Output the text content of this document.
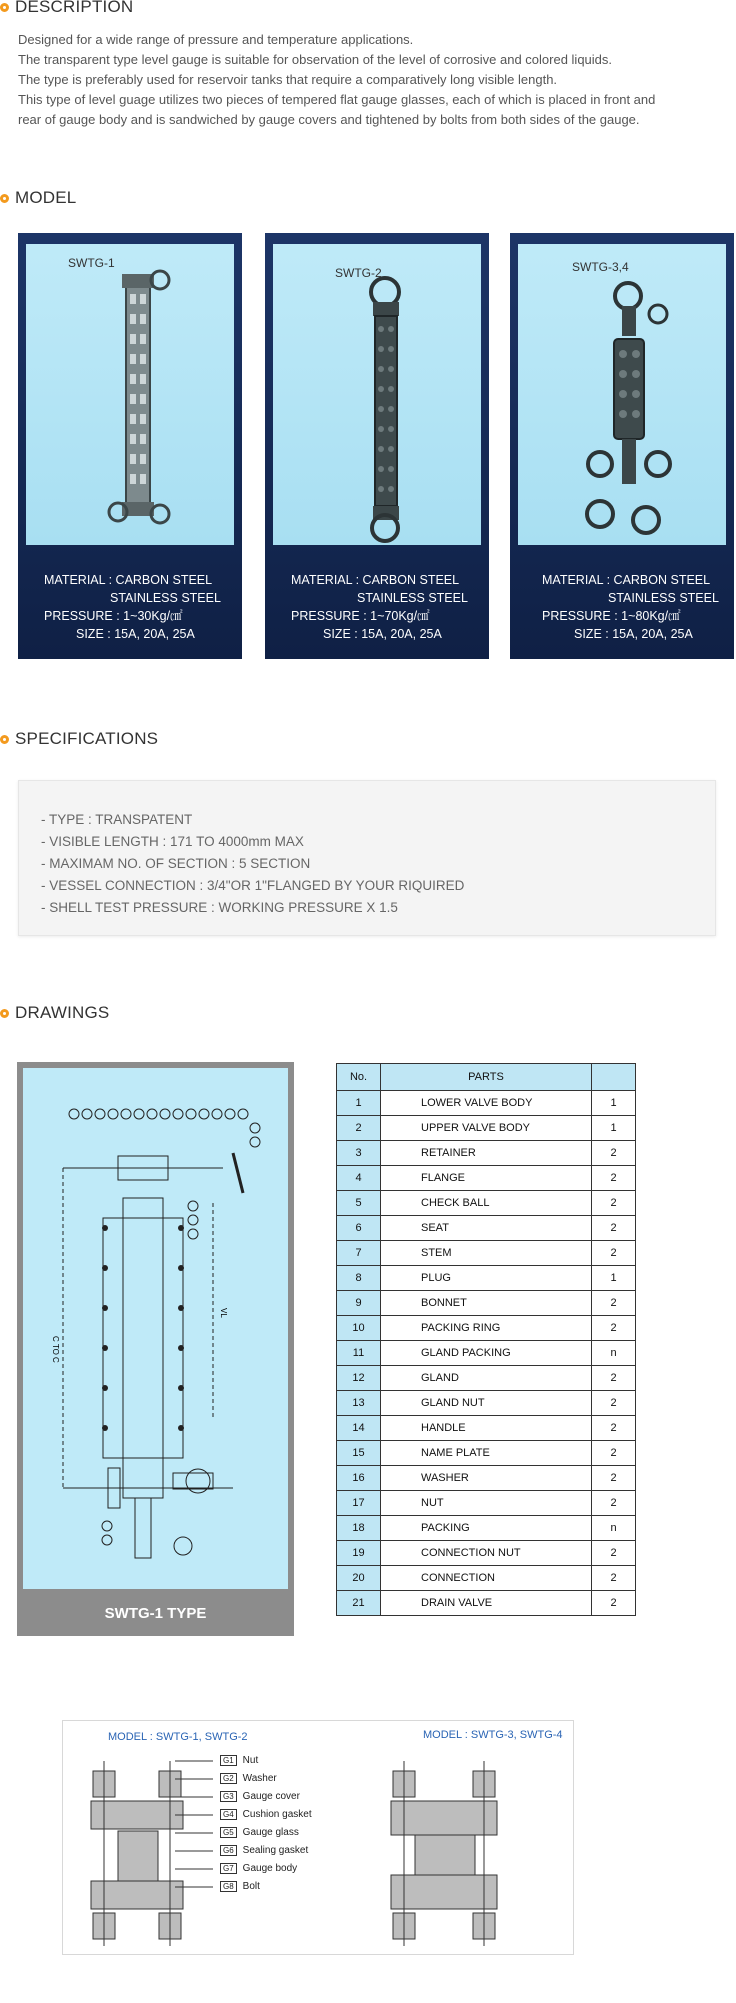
DESCRIPTION

Designed for a wide range of pressure and temperature applications.

The transparent type level gauge is suitable for observation of the level of corrosive and colored liquids.

The type is preferably used for reservoir tanks that require a comparatively long visible length.

This type of level guage utilizes two pieces of tempered flat gauge glasses, each of which is placed in front and

rear of gauge body and is sandwiched by gauge covers and tightened by bolts from both sides of the gauge.

MODEL
SWTG-1
MATERIAL : CARBON STEEL
STAINLESS STEEL
PRESSURE : 1~30Kg/㎠
SIZE : 15A, 20A, 25A
SWTG-2
MATERIAL : CARBON STEEL
STAINLESS STEEL
PRESSURE : 1~70Kg/㎠
SIZE : 15A, 20A, 25A
SWTG-3,4
MATERIAL : CARBON STEEL
STAINLESS STEEL
PRESSURE : 1~80Kg/㎠
SIZE : 15A, 20A, 25A
SPECIFICATIONS
- TYPE : TRANSPATENT
- VISIBLE LENGTH : 171 TO 4000mm MAX
- MAXIMAM NO. OF SECTION : 5 SECTION
- VESSEL CONNECTION : 3/4"OR 1"FLANGED BY YOUR RIQUIRED
- SHELL TEST PRESSURE : WORKING PRESSURE X 1.5
DRAWINGS
C TO C
VL
SWTG-1 TYPE
No.	PARTS	
1	LOWER VALVE BODY	1
2	UPPER VALVE BODY	1
3	RETAINER	2
4	FLANGE	2
5	CHECK BALL	2
6	SEAT	2
7	STEM	2
8	PLUG	1
9	BONNET	2
10	PACKING RING	2
11	GLAND PACKING	n
12	GLAND	2
13	GLAND NUT	2
14	HANDLE	2
15	NAME PLATE	2
16	WASHER	2
17	NUT	2
18	PACKING	n
19	CONNECTION NUT	2
20	CONNECTION	2
21	DRAIN VALVE	2
MODEL : SWTG-1, SWTG-2	MODEL : SWTG-3, SWTG-4
G1 Nut
G2 Washer
G3 Gauge cover
G4 Cushion gasket
G5 Gauge glass
G6 Sealing gasket
G7 Gauge body
G8 Bolt
